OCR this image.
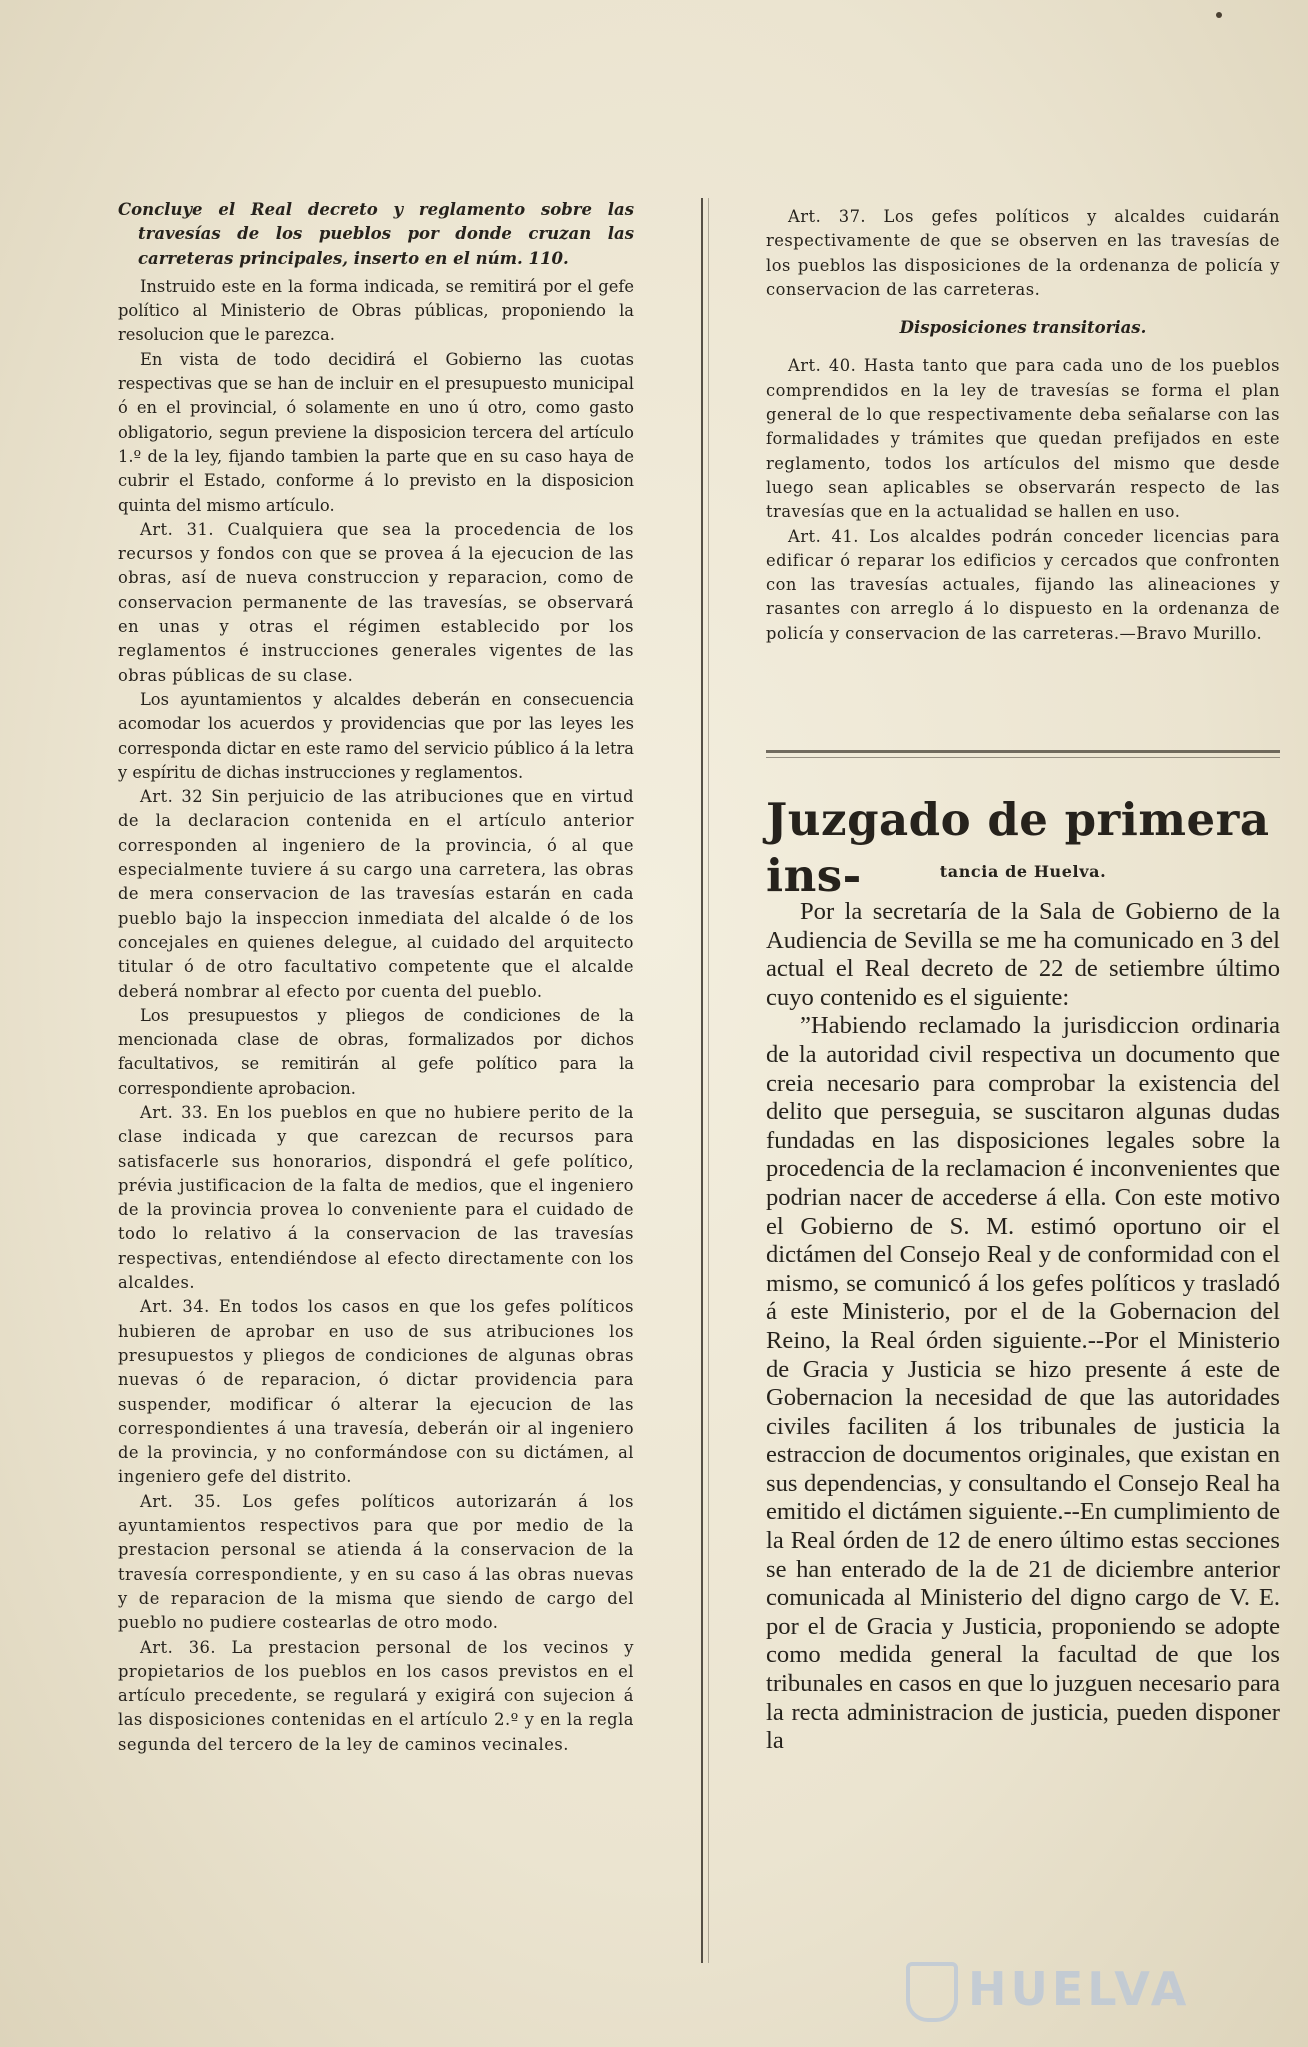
Concluye el Real decreto y reglamento sobre las travesías de los pueblos por donde cruzan las carreteras principales, inserto en el núm. 110.

Instruido este en la forma indicada, se remitirá por el gefe político al Ministerio de Obras públicas, proponiendo la resolucion que le parezca.

En vista de todo decidirá el Gobierno las cuotas respectivas que se han de incluir en el presupuesto municipal ó en el provincial, ó solamente en uno ú otro, como gasto obligatorio, segun previene la disposicion tercera del artículo 1.º de la ley, fijando tambien la parte que en su caso haya de cubrir el Estado, conforme á lo previsto en la disposicion quinta del mismo artículo.

Art. 31. Cualquiera que sea la procedencia de los recursos y fondos con que se provea á la ejecucion de las obras, así de nueva construccion y reparacion, como de conservacion permanente de las travesías, se observará en unas y otras el régimen establecido por los reglamentos é instrucciones generales vigentes de las obras públicas de su clase.

Los ayuntamientos y alcaldes deberán en consecuencia acomodar los acuerdos y providencias que por las leyes les corresponda dictar en este ramo del servicio público á la letra y espíritu de dichas instrucciones y reglamentos.

Art. 32 Sin perjuicio de las atribuciones que en virtud de la declaracion contenida en el artículo anterior corresponden al ingeniero de la provincia, ó al que especialmente tuviere á su cargo una carretera, las obras de mera conservacion de las travesías estarán en cada pueblo bajo la inspeccion inmediata del alcalde ó de los concejales en quienes delegue, al cuidado del arquitecto titular ó de otro facultativo competente que el alcalde deberá nombrar al efecto por cuenta del pueblo.

Los presupuestos y pliegos de condiciones de la mencionada clase de obras, formalizados por dichos facultativos, se remitirán al gefe político para la correspondiente aprobacion.

Art. 33. En los pueblos en que no hubiere perito de la clase indicada y que carezcan de recursos para satisfacerle sus honorarios, dispondrá el gefe político, prévia justificacion de la falta de medios, que el ingeniero de la provincia provea lo conveniente para el cuidado de todo lo relativo á la conservacion de las travesías respectivas, entendiéndose al efecto directamente con los alcaldes.

Art. 34. En todos los casos en que los gefes políticos hubieren de aprobar en uso de sus atribuciones los presupuestos y pliegos de condiciones de algunas obras nuevas ó de reparacion, ó dictar providencia para suspender, modificar ó alterar la ejecucion de las correspondientes á una travesía, deberán oir al ingeniero de la provincia, y no conformándose con su dictámen, al ingeniero gefe del distrito.

Art. 35. Los gefes políticos autorizarán á los ayuntamientos respectivos para que por medio de la prestacion personal se atienda á la conservacion de la travesía correspondiente, y en su caso á las obras nuevas y de reparacion de la misma que siendo de cargo del pueblo no pudiere costearlas de otro modo.

Art. 36. La prestacion personal de los vecinos y propietarios de los pueblos en los casos previstos en el artículo precedente, se regulará y exigirá con sujecion á las disposiciones contenidas en el artículo 2.º y en la regla segunda del tercero de la ley de caminos vecinales.

Art. 37. Los gefes políticos y alcaldes cuidarán respectivamente de que se observen en las travesías de los pueblos las disposiciones de la ordenanza de policía y conservacion de las carreteras.

Disposiciones transitorias.

Art. 40. Hasta tanto que para cada uno de los pueblos comprendidos en la ley de travesías se forma el plan general de lo que respectivamente deba señalarse con las formalidades y trámites que quedan prefijados en este reglamento, todos los artículos del mismo que desde luego sean aplicables se observarán respecto de las travesías que en la actualidad se hallen en uso.

Art. 41. Los alcaldes podrán conceder licencias para edificar ó reparar los edificios y cercados que confronten con las travesías actuales, fijando las alineaciones y rasantes con arreglo á lo dispuesto en la ordenanza de policía y conservacion de las carreteras.—Bravo Murillo.

Juzgado de primera ins-	tancia de Huelva.

Por la secretaría de la Sala de Gobierno de la Audiencia de Sevilla se me ha comunicado en 3 del actual el Real decreto de 22 de setiembre último cuyo contenido es el siguiente:

”Habiendo reclamado la jurisdiccion ordinaria de la autoridad civil respectiva un documento que creia necesario para comprobar la existencia del delito que perseguia, se suscitaron algunas dudas fundadas en las disposiciones legales sobre la procedencia de la reclamacion é inconvenientes que podrian nacer de accederse á ella. Con este motivo el Gobierno de S. M. estimó oportuno oir el dictámen del Consejo Real y de conformidad con el mismo, se comunicó á los gefes políticos y trasladó á este Ministerio, por el de la Gobernacion del Reino, la Real órden siguiente.--Por el Ministerio de Gracia y Justicia se hizo presente á este de Gobernacion la necesidad de que las autoridades civiles faciliten á los tribunales de justicia la estraccion de documentos originales, que existan en sus dependencias, y consultando el Consejo Real ha emitido el dictámen siguiente.--En cumplimiento de la Real órden de 12 de enero último estas secciones se han enterado de la de 21 de diciembre anterior comunicada al Ministerio del digno cargo de V. E. por el de Gracia y Justicia, proponiendo se adopte como medida general la facultad de que los tribunales en casos en que lo juzguen necesario para la recta administracion de justicia, pueden disponer la

HUELVA
